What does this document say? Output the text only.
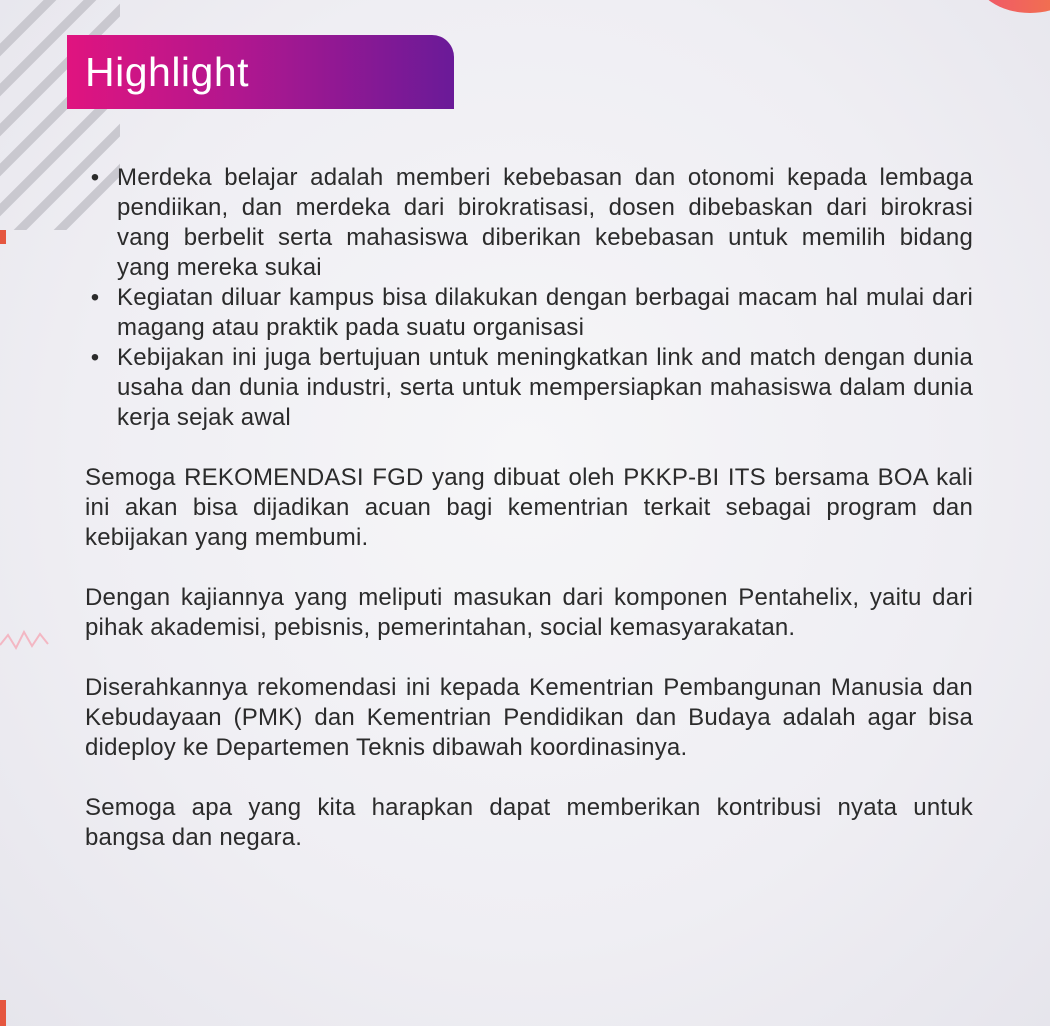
Highlight
• Merdeka belajar adalah memberi kebebasan dan otonomi kepada lembaga pendiikan, dan merdeka dari birokratisasi, dosen dibebaskan dari birokrasi vang berbelit serta mahasiswa diberikan kebebasan untuk memilih bidang yang mereka sukai
• Kegiatan diluar kampus bisa dilakukan dengan berbagai macam hal mulai dari magang atau praktik pada suatu organisasi
• Kebijakan ini juga bertujuan untuk meningkatkan link and match dengan dunia usaha dan dunia industri, serta untuk mempersiapkan mahasiswa dalam dunia kerja sejak awal

Semoga REKOMENDASI FGD yang dibuat oleh PKKP-BI ITS bersama BOA kali ini akan bisa dijadikan acuan bagi kementrian terkait sebagai program dan kebijakan yang membumi.

Dengan kajiannya yang meliputi masukan dari komponen Pentahelix, yaitu dari pihak akademisi, pebisnis, pemerintahan, social kemasyarakatan.

Diserahkannya rekomendasi ini kepada Kementrian Pembangunan Manusia dan Kebudayaan (PMK) dan Kementrian Pendidikan dan Budaya adalah agar bisa dideploy ke Departemen Teknis dibawah koordinasinya.

Semoga apa yang kita harapkan dapat memberikan kontribusi nyata untuk bangsa dan negara.
